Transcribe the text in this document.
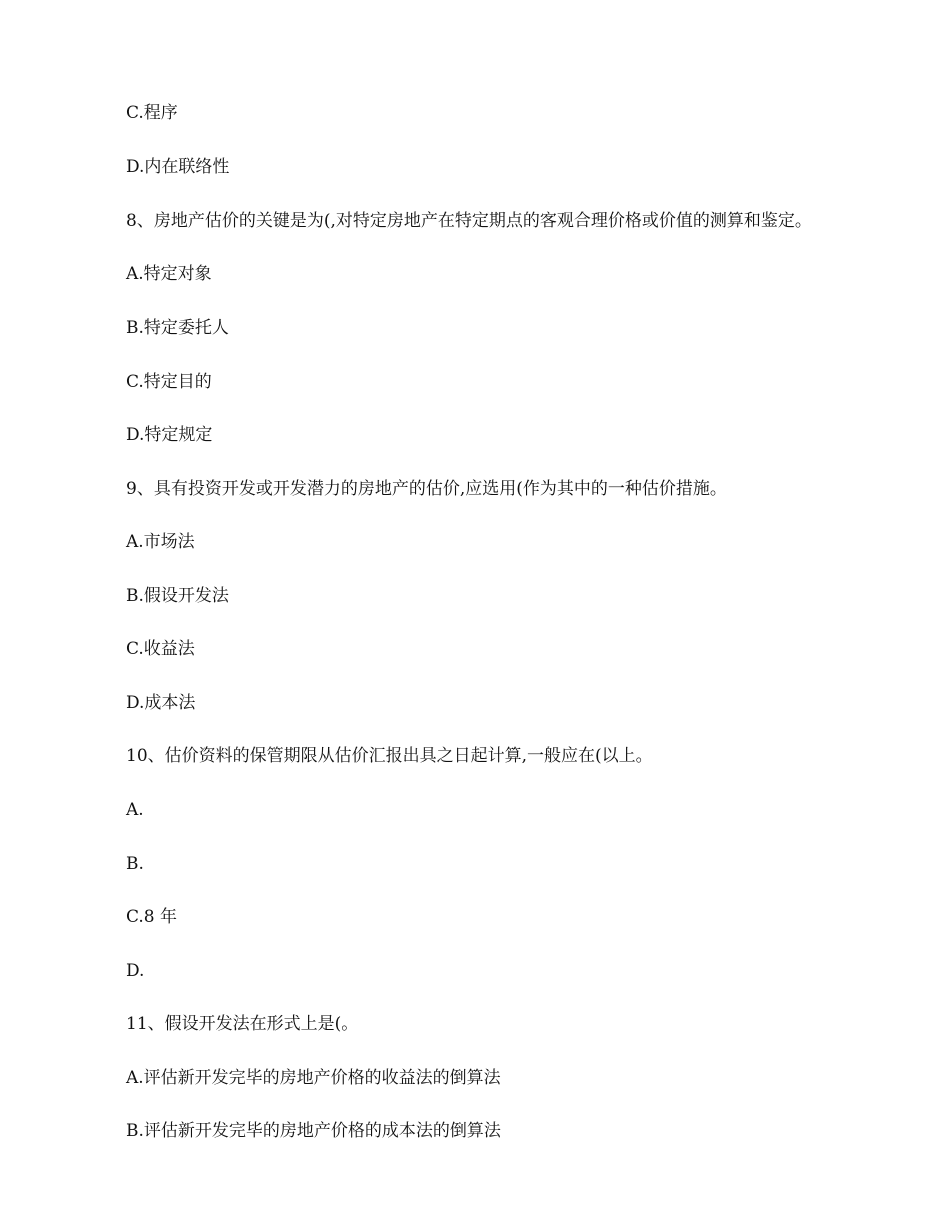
C.程序

D.内在联络性

8、房地产估价的关键是为(,对特定房地产在特定期点的客观合理价格或价值的测算和鉴定。

A.特定对象

B.特定委托人

C.特定目的

D.特定规定

9、具有投资开发或开发潜力的房地产的估价,应选用(作为其中的一种估价措施。

A.市场法

B.假设开发法

C.收益法

D.成本法

10、估价资料的保管期限从估价汇报出具之日起计算,一般应在(以上。

A.

B.

C.8 年

D.

11、假设开发法在形式上是(。

A.评估新开发完毕的房地产价格的收益法的倒算法

B.评估新开发完毕的房地产价格的成本法的倒算法
